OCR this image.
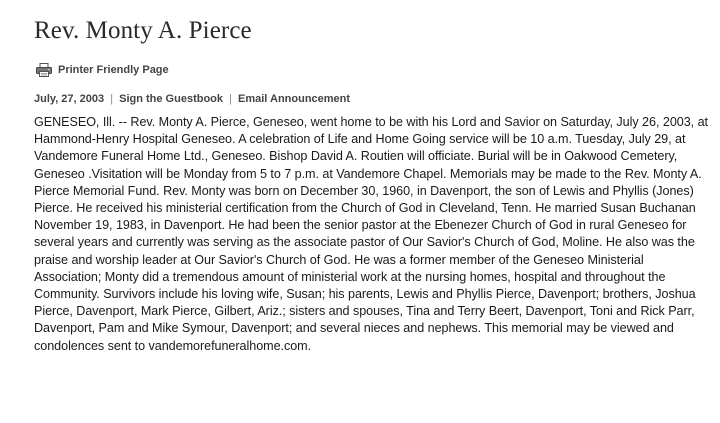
Rev. Monty A. Pierce
Printer Friendly Page
July, 27, 2003 | Sign the Guestbook | Email Announcement

GENESEO, Ill. -- Rev. Monty A. Pierce, Geneseo, went home to be with his Lord and Savior on Saturday, July 26, 2003, at Hammond-Henry Hospital Geneseo. A celebration of Life and Home Going service will be 10 a.m. Tuesday, July 29, at Vandemore Funeral Home Ltd., Geneseo. Bishop David A. Routien will officiate. Burial will be in Oakwood Cemetery, Geneseo .Visitation will be Monday from 5 to 7 p.m. at Vandemore Chapel. Memorials may be made to the Rev. Monty A. Pierce Memorial Fund. Rev. Monty was born on December 30, 1960, in Davenport, the son of Lewis and Phyllis (Jones) Pierce. He received his ministerial certification from the Church of God in Cleveland, Tenn. He married Susan Buchanan November 19, 1983, in Davenport. He had been the senior pastor at the Ebenezer Church of God in rural Geneseo for several years and currently was serving as the associate pastor of Our Savior's Church of God, Moline. He also was the praise and worship leader at Our Savior's Church of God. He was a former member of the Geneseo Ministerial Association; Monty did a tremendous amount of ministerial work at the nursing homes, hospital and throughout the Community. Survivors include his loving wife, Susan; his parents, Lewis and Phyllis Pierce, Davenport; brothers, Joshua Pierce, Davenport, Mark Pierce, Gilbert, Ariz.; sisters and spouses, Tina and Terry Beert, Davenport, Toni and Rick Parr, Davenport, Pam and Mike Symour, Davenport; and several nieces and nephews. This memorial may be viewed and condolences sent to vandemorefuneralhome.com.
